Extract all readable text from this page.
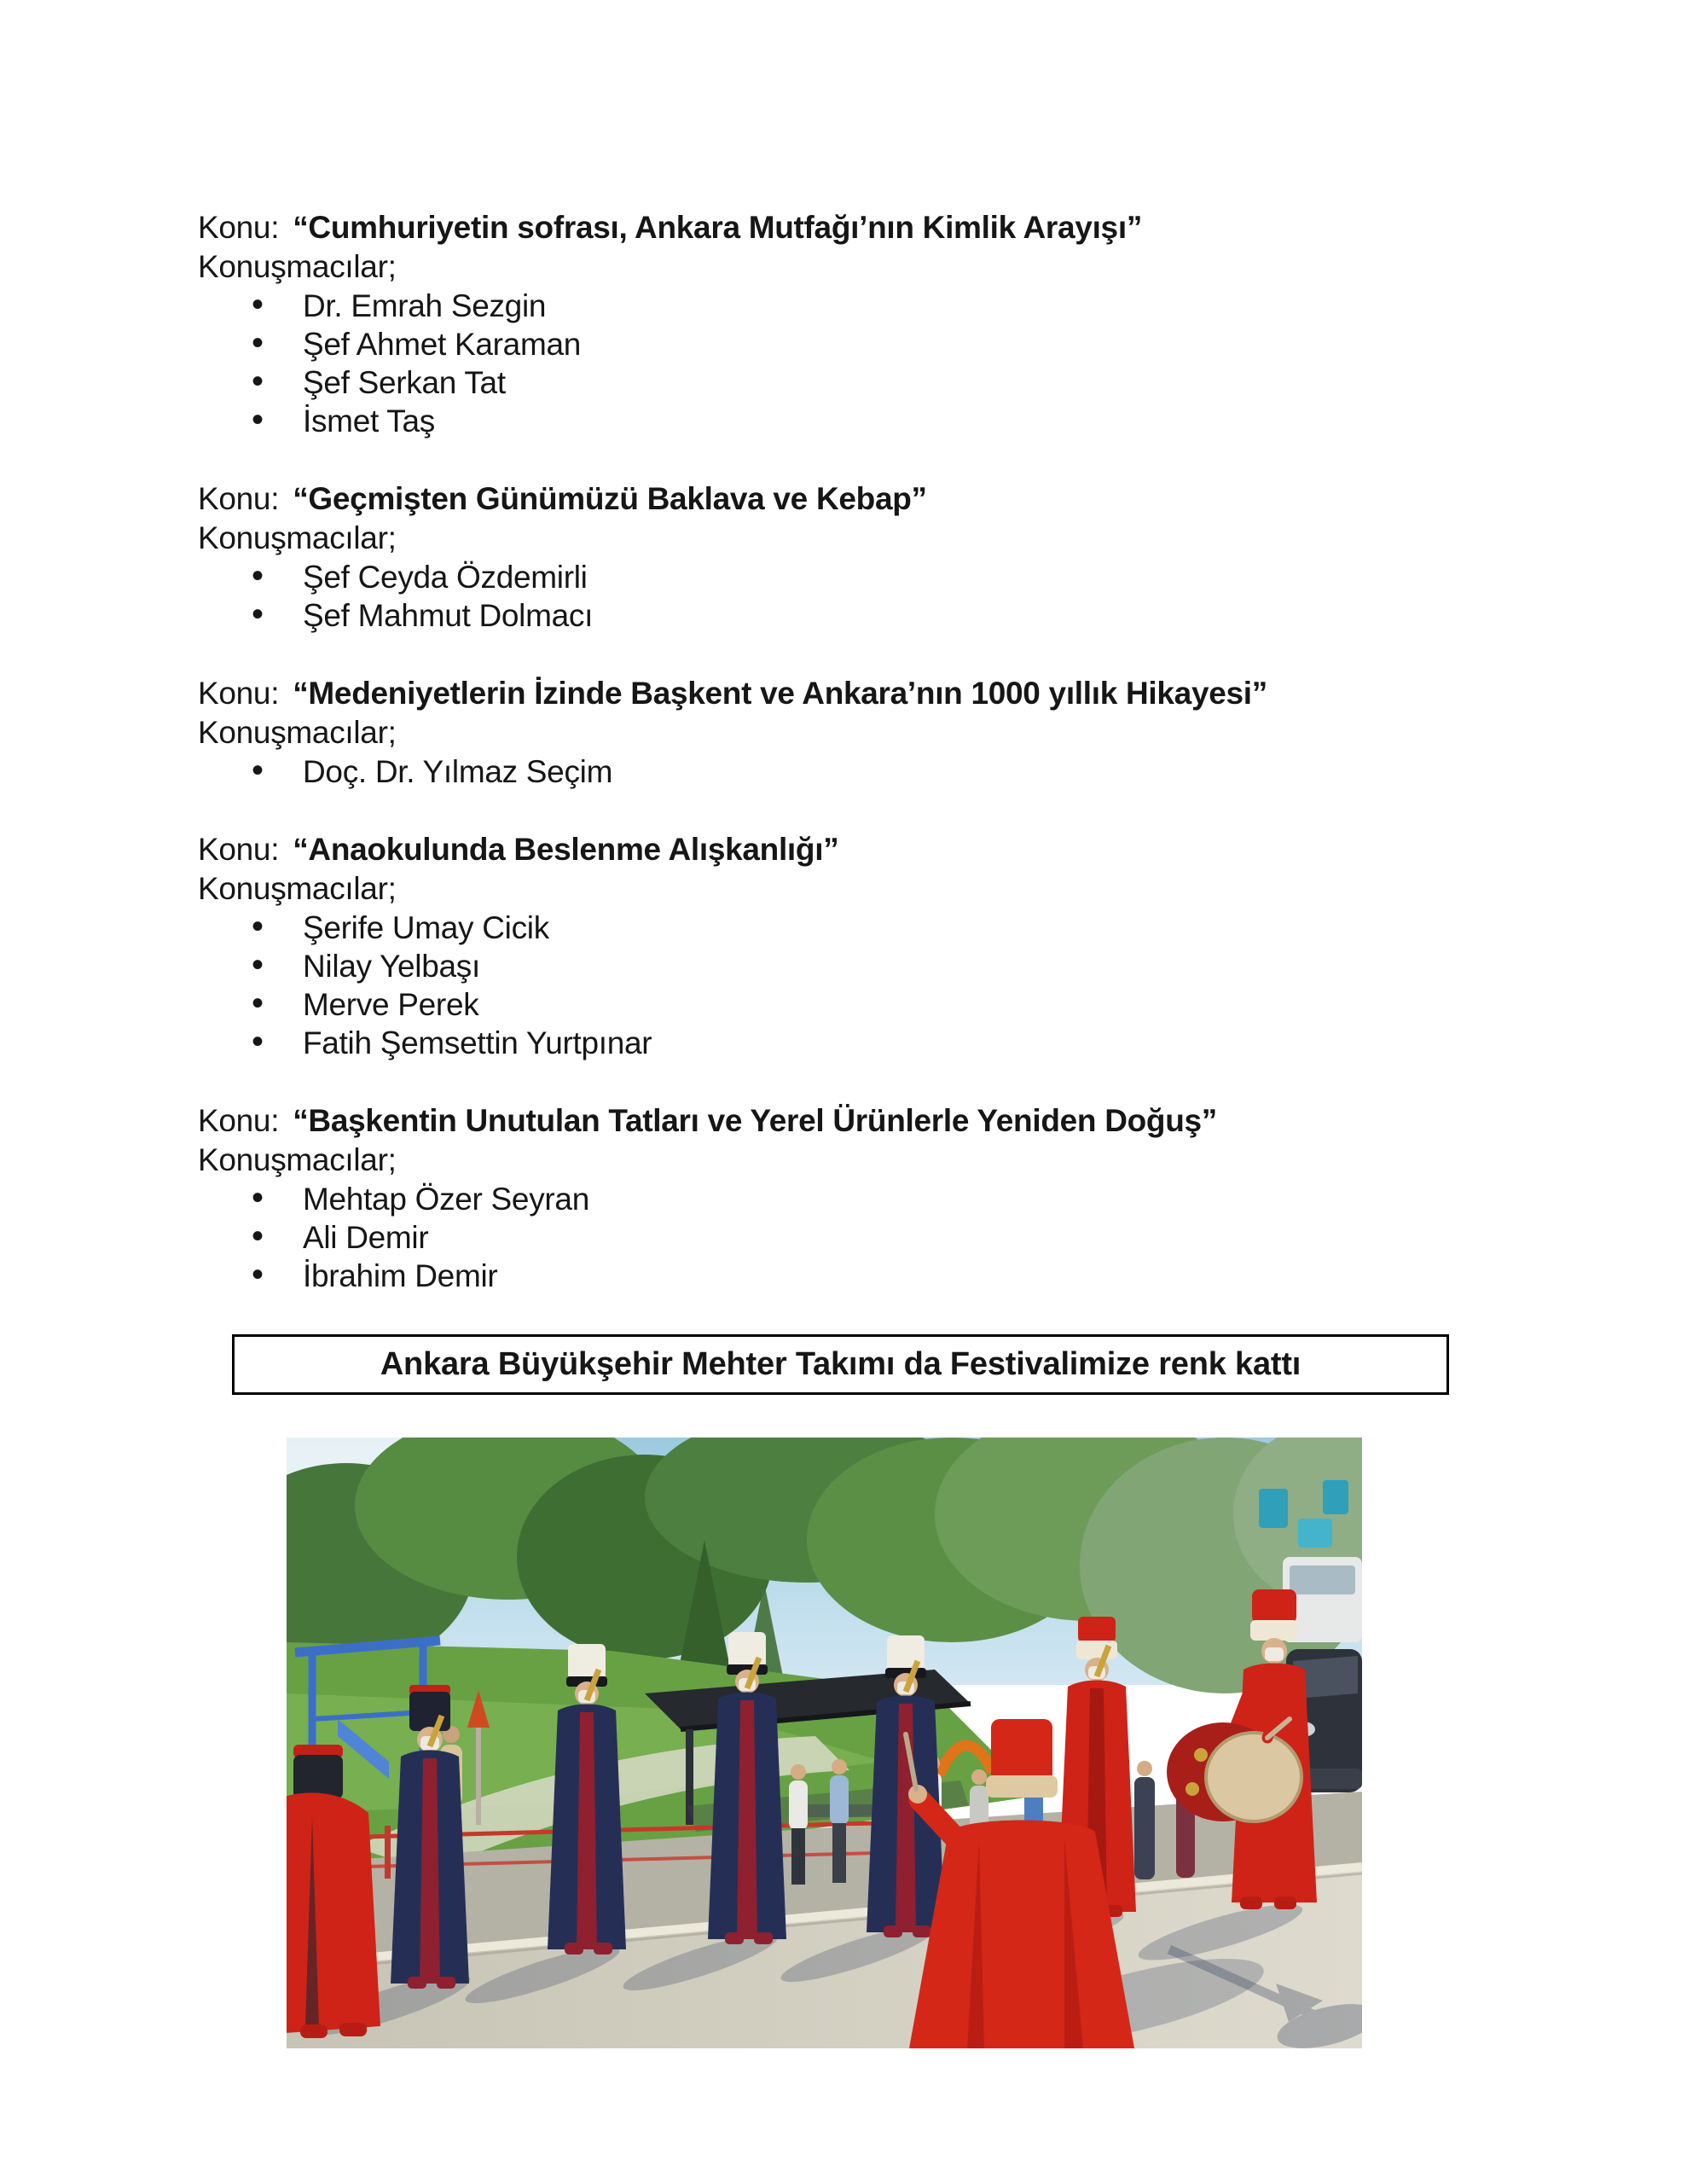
Konu: “Cumhuriyetin sofrası, Ankara Mutfağı’nın Kimlik Arayışı”

Konuşmacılar;

• Dr. Emrah Sezgin
• Şef Ahmet Karaman
• Şef Serkan Tat
• İsmet Taş

Konu: “Geçmişten Günümüzü Baklava ve Kebap”

Konuşmacılar;

• Şef Ceyda Özdemirli
• Şef Mahmut Dolmacı

Konu: “Medeniyetlerin İzinde Başkent ve Ankara’nın 1000 yıllık Hikayesi”

Konuşmacılar;

• Doç. Dr. Yılmaz Seçim

Konu: “Anaokulunda Beslenme Alışkanlığı”

Konuşmacılar;

• Şerife Umay Cicik
• Nilay Yelbaşı
• Merve Perek
• Fatih Şemsettin Yurtpınar

Konu: “Başkentin Unutulan Tatları ve Yerel Ürünlerle Yeniden Doğuş”

Konuşmacılar;

• Mehtap Özer Seyran
• Ali Demir
• İbrahim Demir
Ankara Büyükşehir Mehter Takımı da Festivalimize renk kattı
